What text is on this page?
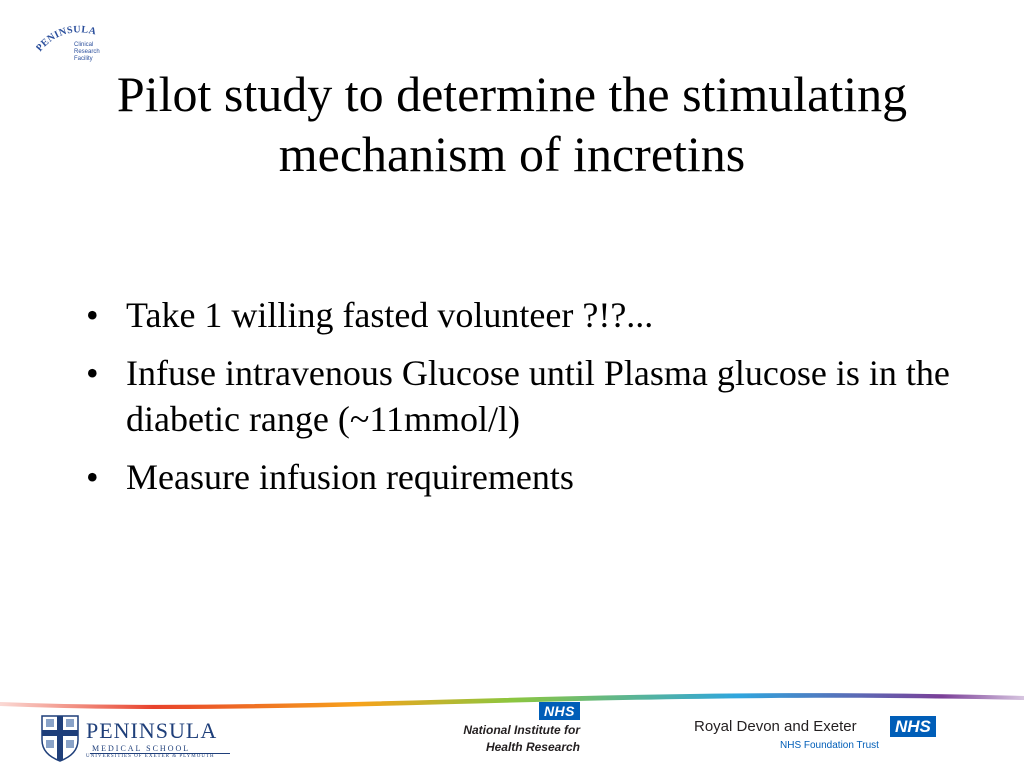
ENINSULA
Clinical
Research
Facility
Pilot study to determine the stimulating
mechanism of incretins
• Take 1 willing fasted volunteer ?!?...
• Infuse intravenous Glucose until Plasma glucose is in the diabetic range (~11mmol/l)
• Measure infusion requirements
PENINSULA
MEDICAL SCHOOL
UNIVERSITIES OF EXETER & PLYMOUTH
NHS
National Institute for
Health Research
Royal Devon and Exeter NHS
NHS Foundation Trust
